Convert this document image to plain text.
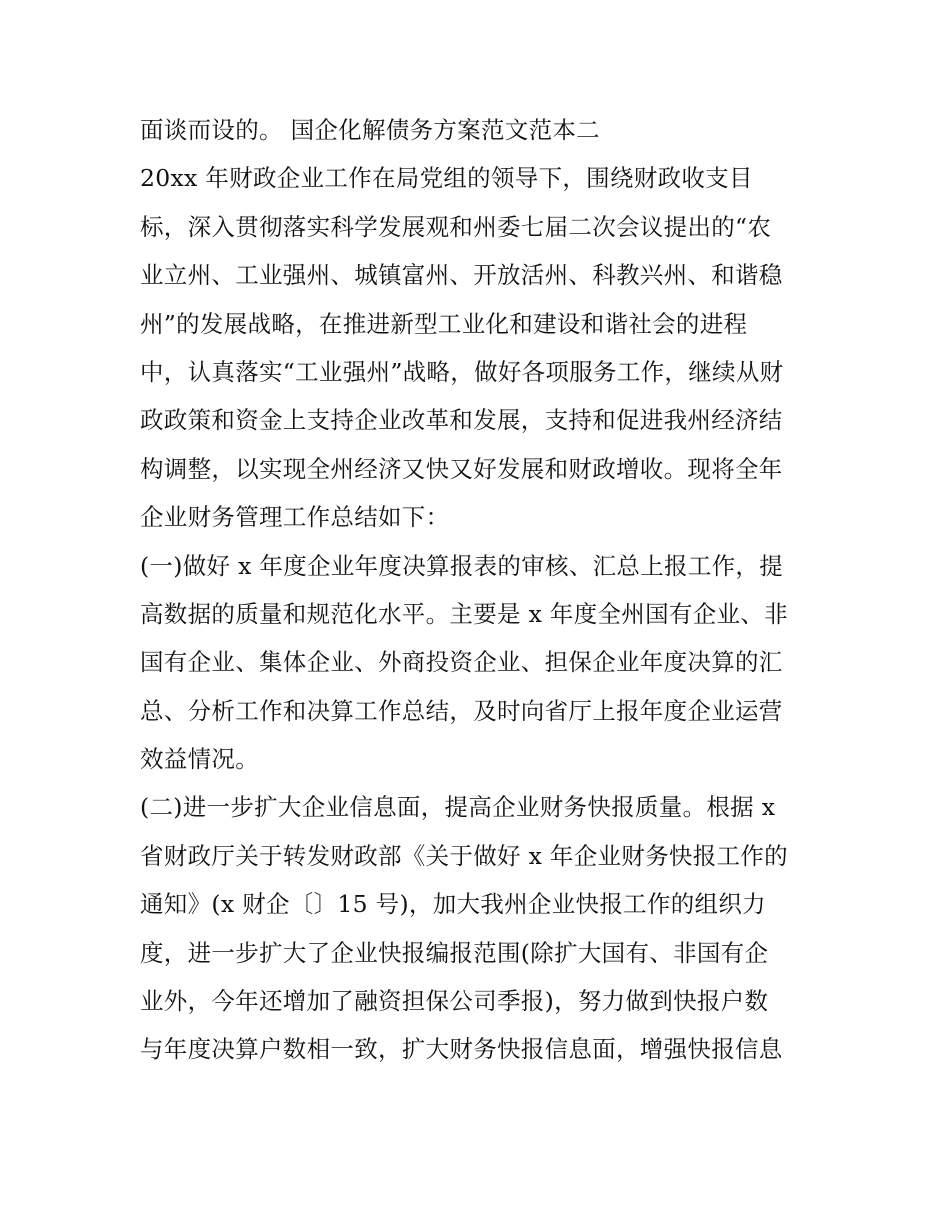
面谈而设的。 国企化解债务方案范文范本二
20xx 年财政企业工作在局党组的领导下，围绕财政收支目
标，深入贯彻落实科学发展观和州委七届二次会议提出的“农
业立州、工业强州、城镇富州、开放活州、科教兴州、和谐稳
州”的发展战略，在推进新型工业化和建设和谐社会的进程
中，认真落实“工业强州”战略，做好各项服务工作，继续从财
政政策和资金上支持企业改革和发展，支持和促进我州经济结
构调整，以实现全州经济又快又好发展和财政增收。现将全年
企业财务管理工作总结如下：
(一)做好 x 年度企业年度决算报表的审核、汇总上报工作，提
高数据的质量和规范化水平。主要是 x 年度全州国有企业、非
国有企业、集体企业、外商投资企业、担保企业年度决算的汇
总、分析工作和决算工作总结，及时向省厅上报年度企业运营
效益情况。
(二)进一步扩大企业信息面，提高企业财务快报质量。根据 x
省财政厅关于转发财政部《关于做好 x 年企业财务快报工作的
通知》(x 财企〔〕15 号)，加大我州企业快报工作的组织力
度，进一步扩大了企业快报编报范围(除扩大国有、非国有企
业外，今年还增加了融资担保公司季报)，努力做到快报户数
与年度决算户数相一致，扩大财务快报信息面，增强快报信息
